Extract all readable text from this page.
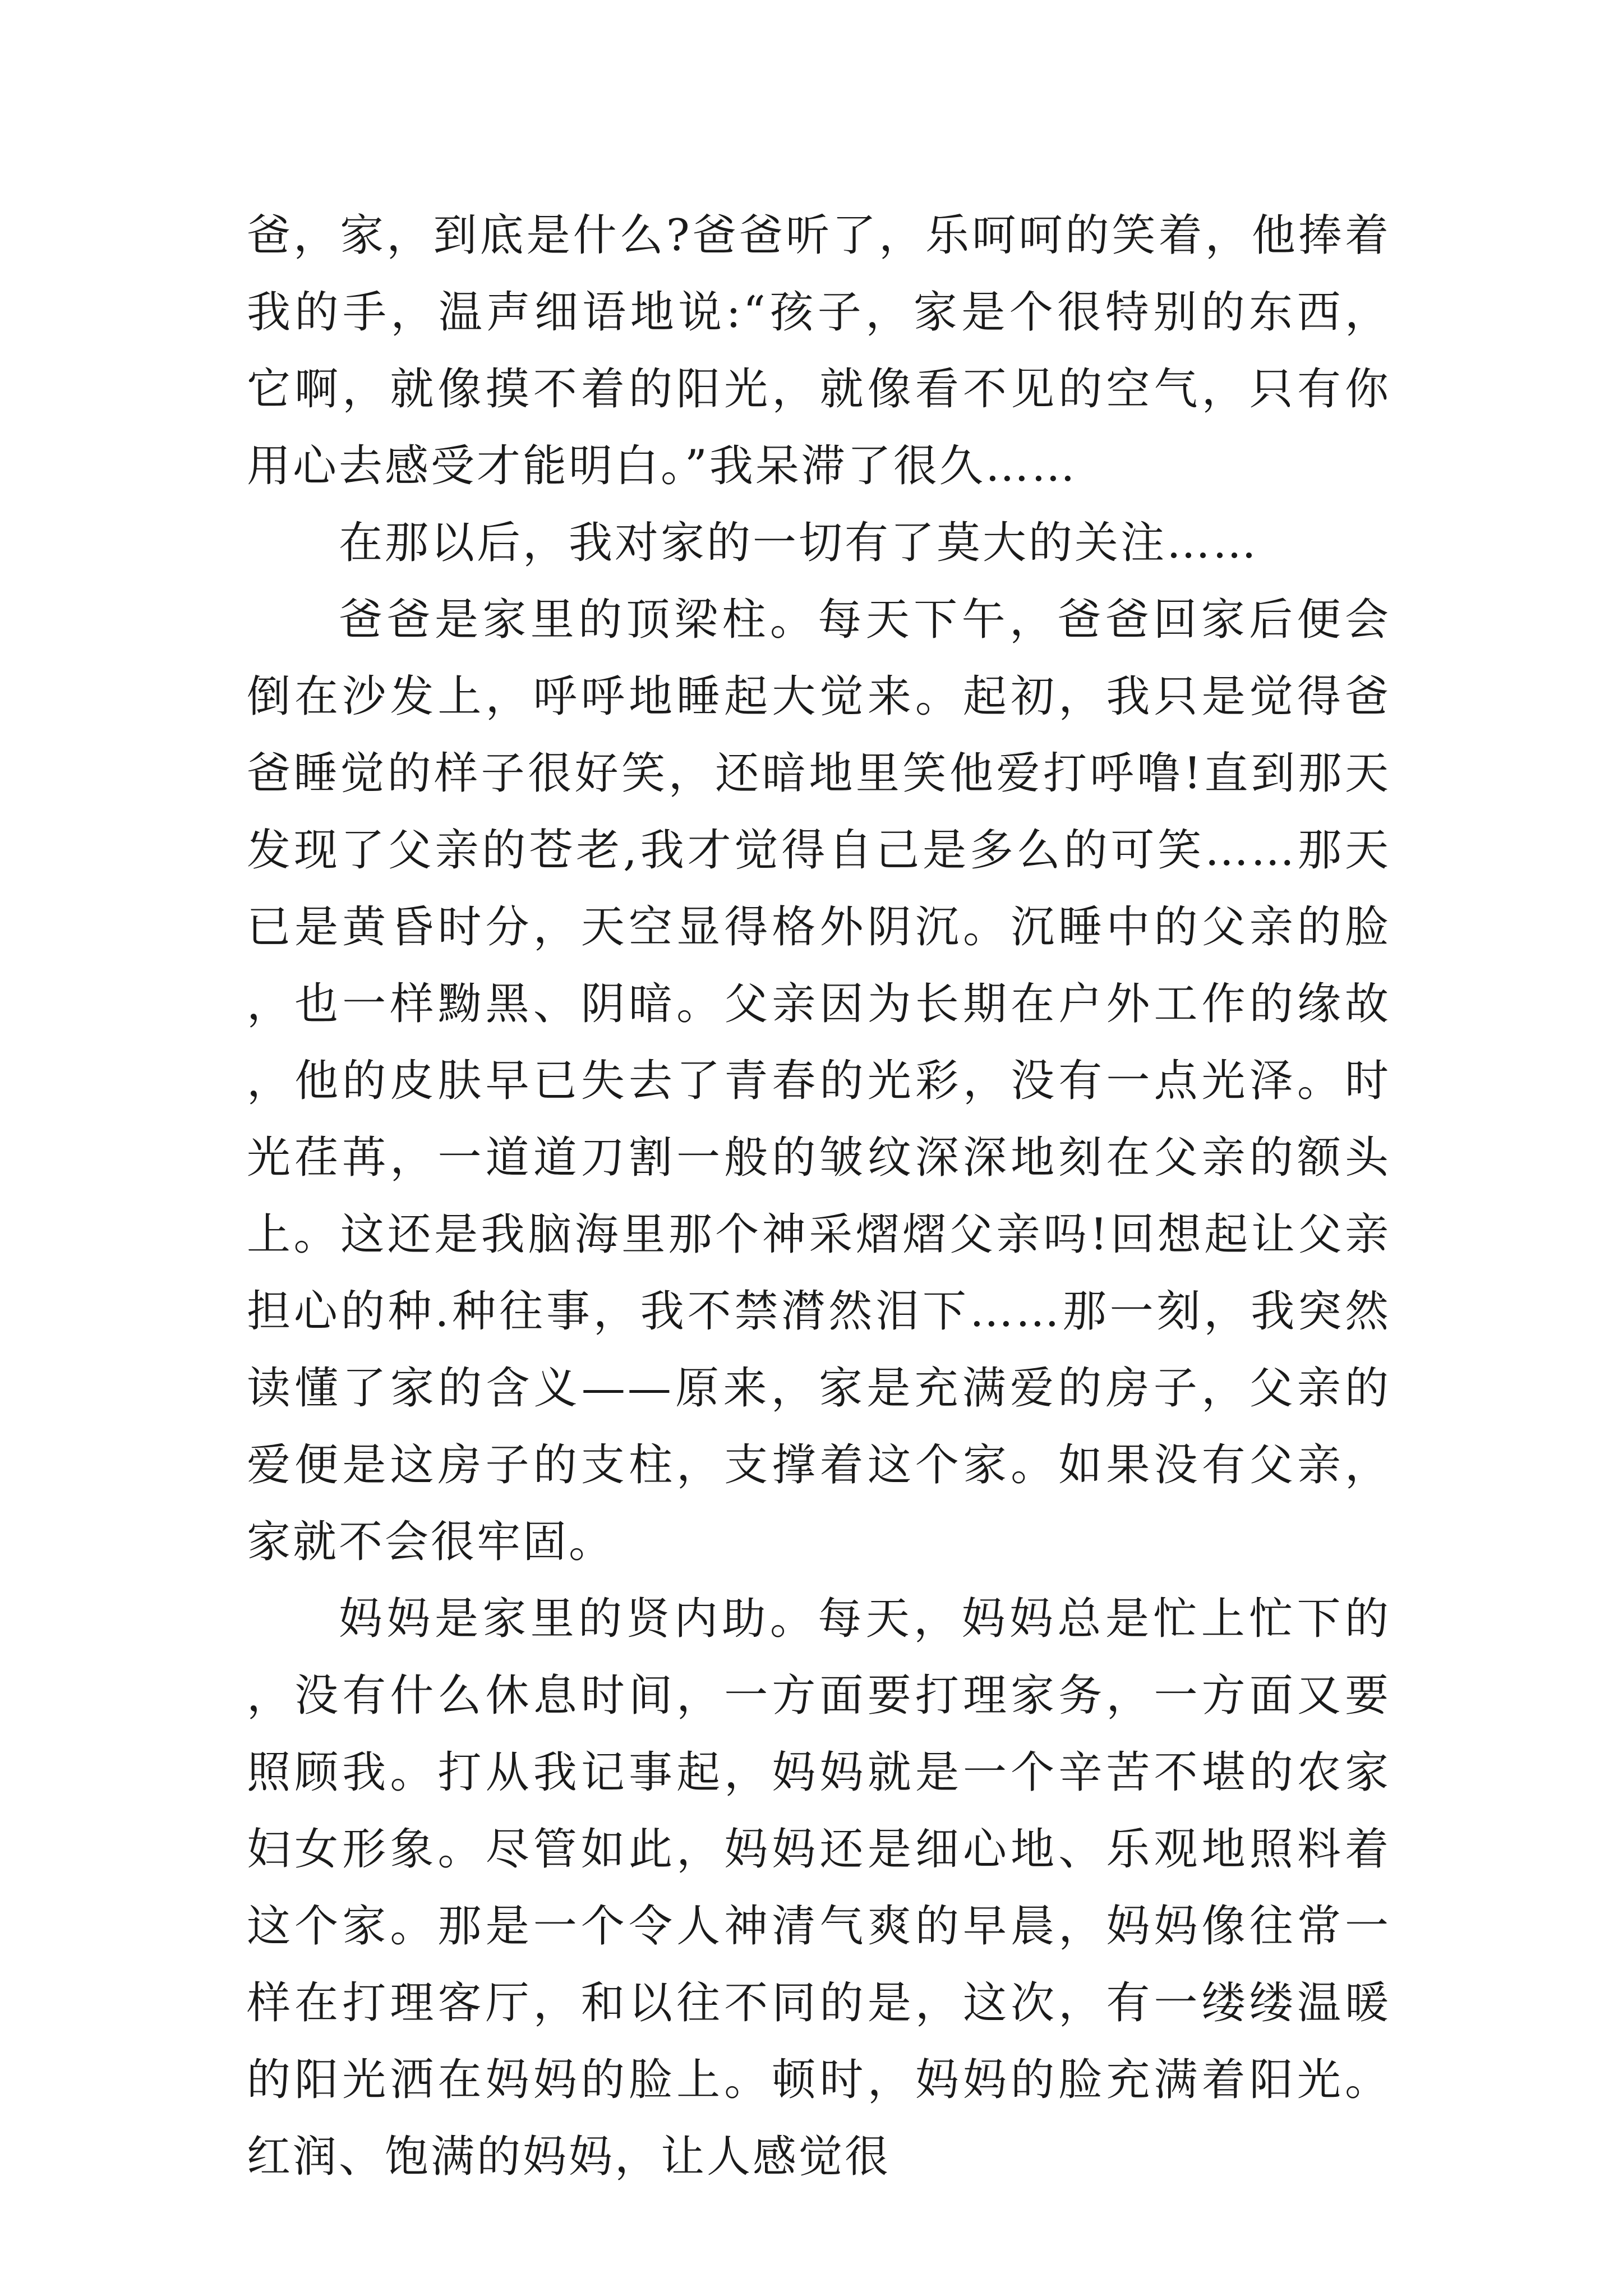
爸，家，到底是什么?爸爸听了，乐呵呵的笑着，他捧着我的手，温声细语地说:“孩子，家是个很特别的东西，它啊，就像摸不着的阳光，就像看不见的空气，只有你用心去感受才能明白。”我呆滞了很久……

在那以后，我对家的一切有了莫大的关注……

爸爸是家里的顶梁柱。每天下午，爸爸回家后便会倒在沙发上，呼呼地睡起大觉来。起初，我只是觉得爸爸睡觉的样子很好笑，还暗地里笑他爱打呼噜!直到那天发现了父亲的苍老,我才觉得自己是多么的可笑……那天已是黄昏时分，天空显得格外阴沉。沉睡中的父亲的脸，也一样黝黑、阴暗。父亲因为长期在户外工作的缘故，他的皮肤早已失去了青春的光彩，没有一点光泽。时光荏苒，一道道刀割一般的皱纹深深地刻在父亲的额头上。这还是我脑海里那个神采熠熠父亲吗!回想起让父亲担心的种.种往事，我不禁潸然泪下……那一刻，我突然读懂了家的含义——原来，家是充满爱的房子，父亲的爱便是这房子的支柱，支撑着这个家。如果没有父亲，家就不会很牢固。

妈妈是家里的贤内助。每天，妈妈总是忙上忙下的，没有什么休息时间，一方面要打理家务，一方面又要照顾我。打从我记事起，妈妈就是一个辛苦不堪的农家妇女形象。尽管如此，妈妈还是细心地、乐观地照料着这个家。那是一个令人神清气爽的早晨，妈妈像往常一样在打理客厅，和以往不同的是，这次，有一缕缕温暖的阳光洒在妈妈的脸上。顿时，妈妈的脸充满着阳光。红润、饱满的妈妈，让人感觉很
